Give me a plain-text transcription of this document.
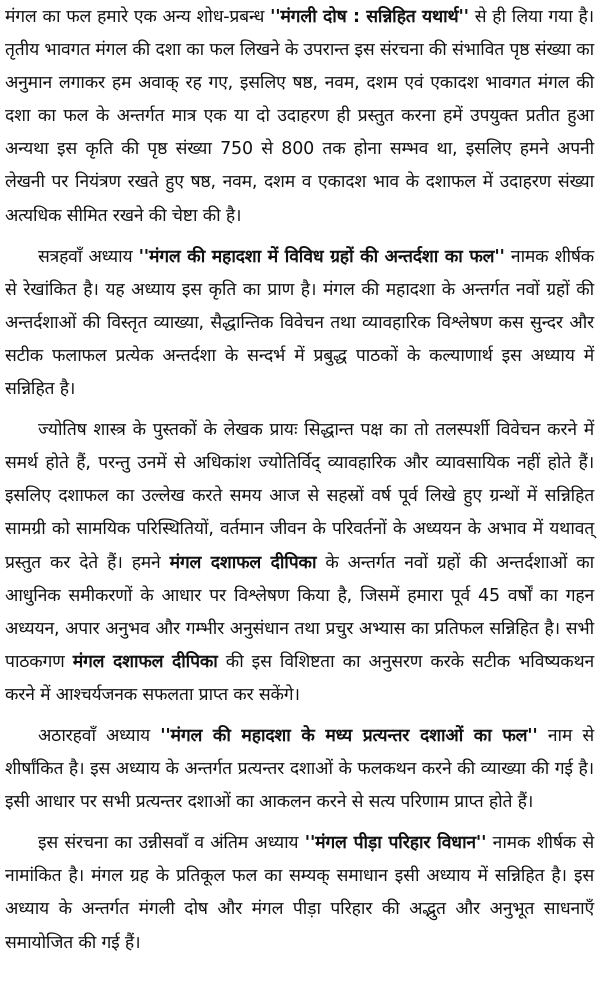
मंगल का फल हमारे एक अन्य शोध-प्रबन्ध ''मंगली दोष : सन्निहित यथार्थ'' से ही लिया गया है। तृतीय भावगत मंगल की दशा का फल लिखने के उपरान्त इस संरचना की संभावित पृष्ठ संख्या का अनुमान लगाकर हम अवाक् रह गए, इसलिए षष्ठ, नवम, दशम एवं एकादश भावगत मंगल की दशा का फल के अन्तर्गत मात्र एक या दो उदाहरण ही प्रस्तुत करना हमें उपयुक्त प्रतीत हुआ अन्यथा इस कृति की पृष्ठ संख्या 750 से 800 तक होना सम्भव था, इसलिए हमने अपनी लेखनी पर नियंत्रण रखते हुए षष्ठ, नवम, दशम व एकादश भाव के दशाफल में उदाहरण संख्या अत्यधिक सीमित रखने की चेष्टा की है।

सत्रहवाँ अध्याय ''मंगल की महादशा में विविध ग्रहों की अन्तर्दशा का फल'' नामक शीर्षक से रेखांकित है। यह अध्याय इस कृति का प्राण है। मंगल की महादशा के अन्तर्गत नवों ग्रहों की अन्तर्दशाओं की विस्तृत व्याख्या, सैद्धान्तिक विवेचन तथा व्यावहारिक विश्लेषण कस सुन्दर और सटीक फलाफल प्रत्येक अन्तर्दशा के सन्दर्भ में प्रबुद्ध पाठकों के कल्याणार्थ इस अध्याय में सन्निहित है।

ज्योतिष शास्त्र के पुस्तकों के लेखक प्रायः सिद्धान्त पक्ष का तो तलस्पर्शी विवेचन करने में समर्थ होते हैं, परन्तु उनमें से अधिकांश ज्योतिर्विद् व्यावहारिक और व्यावसायिक नहीं होते हैं। इसलिए दशाफल का उल्लेख करते समय आज से सहस्रों वर्ष पूर्व लिखे हुए ग्रन्थों में सन्निहित सामग्री को सामयिक परिस्थितियों, वर्तमान जीवन के परिवर्तनों के अध्ययन के अभाव में यथावत् प्रस्तुत कर देते हैं। हमने मंगल दशाफल दीपिका के अन्तर्गत नवों ग्रहों की अन्तर्दशाओं का आधुनिक समीकरणों के आधार पर विश्लेषण किया है, जिसमें हमारा पूर्व 45 वर्षों का गहन अध्ययन, अपार अनुभव और गम्भीर अनुसंधान तथा प्रचुर अभ्यास का प्रतिफल सन्निहित है। सभी पाठकगण मंगल दशाफल दीपिका की इस विशिष्टता का अनुसरण करके सटीक भविष्यकथन करने में आश्चर्यजनक सफलता प्राप्त कर सकेंगे।

अठारहवाँ अध्याय ''मंगल की महादशा के मध्य प्रत्यन्तर दशाओं का फल'' नाम से शीर्षांकित है। इस अध्याय के अन्तर्गत प्रत्यन्तर दशाओं के फलकथन करने की व्याख्या की गई है। इसी आधार पर सभी प्रत्यन्तर दशाओं का आकलन करने से सत्य परिणाम प्राप्त होते हैं।

इस संरचना का उन्नीसवाँ व अंतिम अध्याय ''मंगल पीड़ा परिहार विधान'' नामक शीर्षक से नामांकित है। मंगल ग्रह के प्रतिकूल फल का सम्यक् समाधान इसी अध्याय में सन्निहित है। इस अध्याय के अन्तर्गत मंगली दोष और मंगल पीड़ा परिहार की अद्भुत और अनुभूत साधनाएँ समायोजित की गई हैं।
